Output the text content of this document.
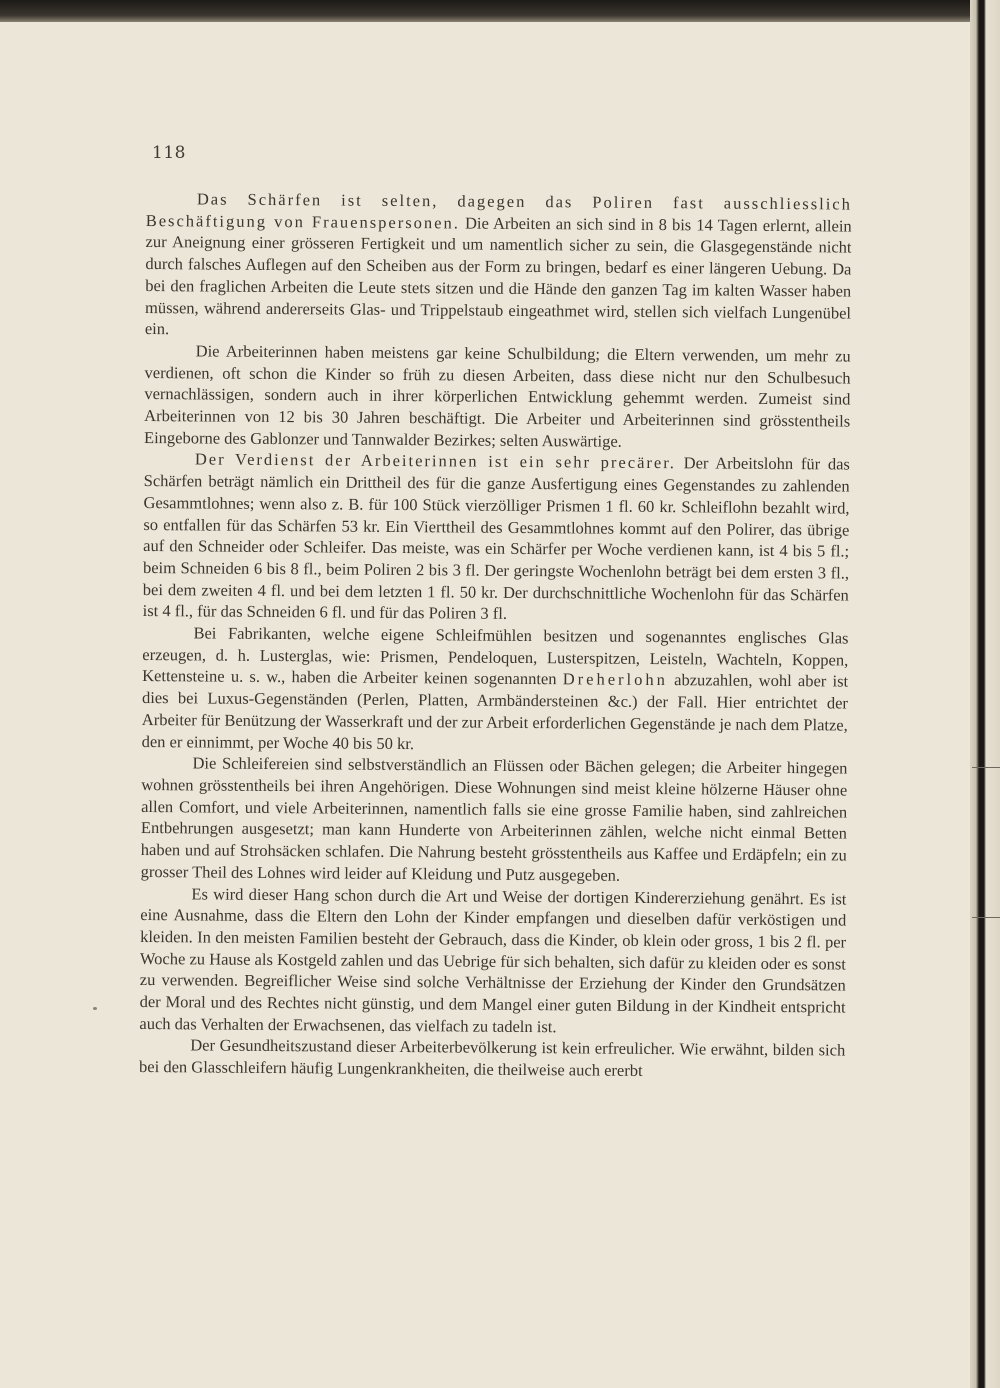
118

Das Schärfen ist selten, dagegen das Poliren fast ausschliesslich Beschäftigung von Frauenspersonen. Die Arbeiten an sich sind in 8 bis 14 Tagen erlernt, allein zur Aneignung einer grösseren Fertigkeit und um namentlich sicher zu sein, die Glasgegenstände nicht durch falsches Auflegen auf den Scheiben aus der Form zu bringen, bedarf es einer längeren Uebung. Da bei den fraglichen Arbeiten die Leute stets sitzen und die Hände den ganzen Tag im kalten Wasser haben müssen, während andererseits Glas- und Trippelstaub eingeathmet wird, stellen sich vielfach Lungenübel ein.

Die Arbeiterinnen haben meistens gar keine Schulbildung; die Eltern verwenden, um mehr zu verdienen, oft schon die Kinder so früh zu diesen Arbeiten, dass diese nicht nur den Schulbesuch vernachlässigen, sondern auch in ihrer körperlichen Entwicklung gehemmt werden. Zumeist sind Arbeiterinnen von 12 bis 30 Jahren beschäftigt. Die Arbeiter und Arbeiterinnen sind grösstentheils Eingeborne des Gablonzer und Tannwalder Bezirkes; selten Auswärtige.

Der Verdienst der Arbeiterinnen ist ein sehr precärer. Der Arbeitslohn für das Schärfen beträgt nämlich ein Drittheil des für die ganze Ausfertigung eines Gegenstandes zu zahlenden Gesammtlohnes; wenn also z. B. für 100 Stück vierzölliger Prismen 1 fl. 60 kr. Schleiflohn bezahlt wird, so entfallen für das Schärfen 53 kr. Ein Vierttheil des Gesammtlohnes kommt auf den Polirer, das übrige auf den Schneider oder Schleifer. Das meiste, was ein Schärfer per Woche verdienen kann, ist 4 bis 5 fl.; beim Schneiden 6 bis 8 fl., beim Poliren 2 bis 3 fl. Der geringste Wochenlohn beträgt bei dem ersten 3 fl., bei dem zweiten 4 fl. und bei dem letzten 1 fl. 50 kr. Der durchschnittliche Wochenlohn für das Schärfen ist 4 fl., für das Schneiden 6 fl. und für das Poliren 3 fl.

Bei Fabrikanten, welche eigene Schleifmühlen besitzen und sogenanntes englisches Glas erzeugen, d. h. Lusterglas, wie: Prismen, Pendeloquen, Lusterspitzen, Leisteln, Wachteln, Koppen, Kettensteine u. s. w., haben die Arbeiter keinen sogenannten Dreherlohn abzuzahlen, wohl aber ist dies bei Luxus-Gegenständen (Perlen, Platten, Armbändersteinen &c.) der Fall. Hier entrichtet der Arbeiter für Benützung der Wasserkraft und der zur Arbeit erforderlichen Gegenstände je nach dem Platze, den er einnimmt, per Woche 40 bis 50 kr.

Die Schleifereien sind selbstverständlich an Flüssen oder Bächen gelegen; die Arbeiter hingegen wohnen grösstentheils bei ihren Angehörigen. Diese Wohnungen sind meist kleine hölzerne Häuser ohne allen Comfort, und viele Arbeiterinnen, namentlich falls sie eine grosse Familie haben, sind zahlreichen Entbehrungen ausgesetzt; man kann Hunderte von Arbeiterinnen zählen, welche nicht einmal Betten haben und auf Strohsäcken schlafen. Die Nahrung besteht grösstentheils aus Kaffee und Erdäpfeln; ein zu grosser Theil des Lohnes wird leider auf Kleidung und Putz ausgegeben.

Es wird dieser Hang schon durch die Art und Weise der dortigen Kindererziehung genährt. Es ist eine Ausnahme, dass die Eltern den Lohn der Kinder empfangen und dieselben dafür verköstigen und kleiden. In den meisten Familien besteht der Gebrauch, dass die Kinder, ob klein oder gross, 1 bis 2 fl. per Woche zu Hause als Kostgeld zahlen und das Uebrige für sich behalten, sich dafür zu kleiden oder es sonst zu verwenden. Begreiflicher Weise sind solche Verhältnisse der Erziehung der Kinder den Grundsätzen der Moral und des Rechtes nicht günstig, und dem Mangel einer guten Bildung in der Kindheit entspricht auch das Verhalten der Erwachsenen, das vielfach zu tadeln ist.

Der Gesundheitszustand dieser Arbeiterbevölkerung ist kein erfreulicher. Wie erwähnt, bilden sich bei den Glasschleifern häufig Lungenkrankheiten, die theilweise auch ererbt
